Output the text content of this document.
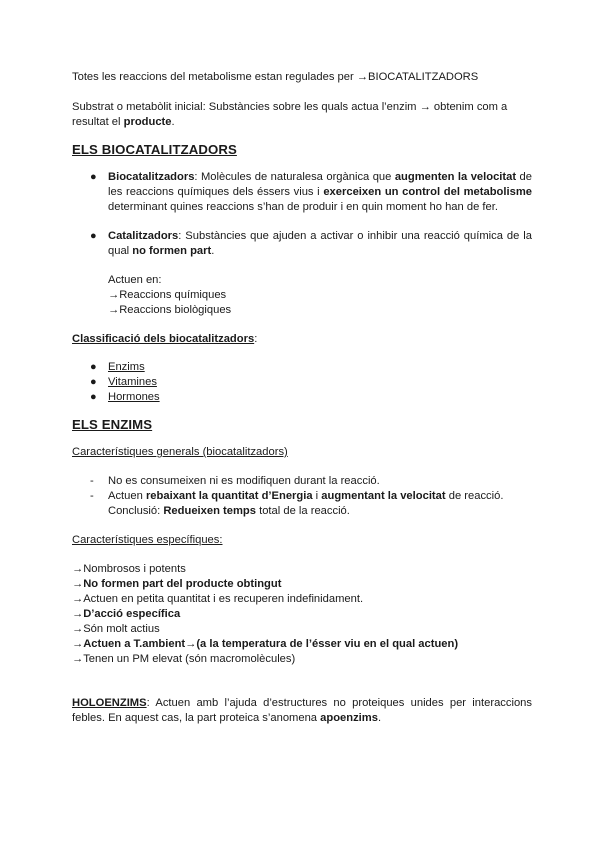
Totes les reaccions del metabolisme estan regulades per →BIOCATALITZADORS

Substrat o metabòlit inicial: Substàncies sobre les quals actua l’enzim → obtenim com a resultat el producte.

ELS BIOCATALITZADORS

● Biocatalitzadors: Molècules de naturalesa orgànica que augmenten la velocitat de les reaccions químiques dels éssers vius i exerceixen un control del metabolisme determinant quines reaccions s’han de produir i en quin moment ho han de fer.
● Catalitzadors: Substàncies que ajuden a activar o inhibir una reacció química de la qual no formen part.

Actuen en:

→Reaccions químiques

→Reaccions biològiques

Classificació dels biocatalitzadors:

● Enzims
● Vitamines
● Hormones

ELS ENZIMS

Característiques generals (biocatalitzadors)

- No es consumeixen ni es modifiquen durant la reacció.
- Actuen rebaixant la quantitat d’Energia i augmentant la velocitat de reacció.
Conclusió: Redueixen temps total de la reacció.

Característiques específiques:

→Nombrosos i potents

→No formen part del producte obtingut

→Actuen en petita quantitat i es recuperen indefinidament.

→D’acció específica

→Són molt actius

→Actuen a T.ambient→(a la temperatura de l’ésser viu en el qual actuen)

→Tenen un PM elevat (són macromolècules)

HOLOENZIMS: Actuen amb l’ajuda d’estructures no proteiques unides per interaccions febles. En aquest cas, la part proteica s’anomena apoenzims.
